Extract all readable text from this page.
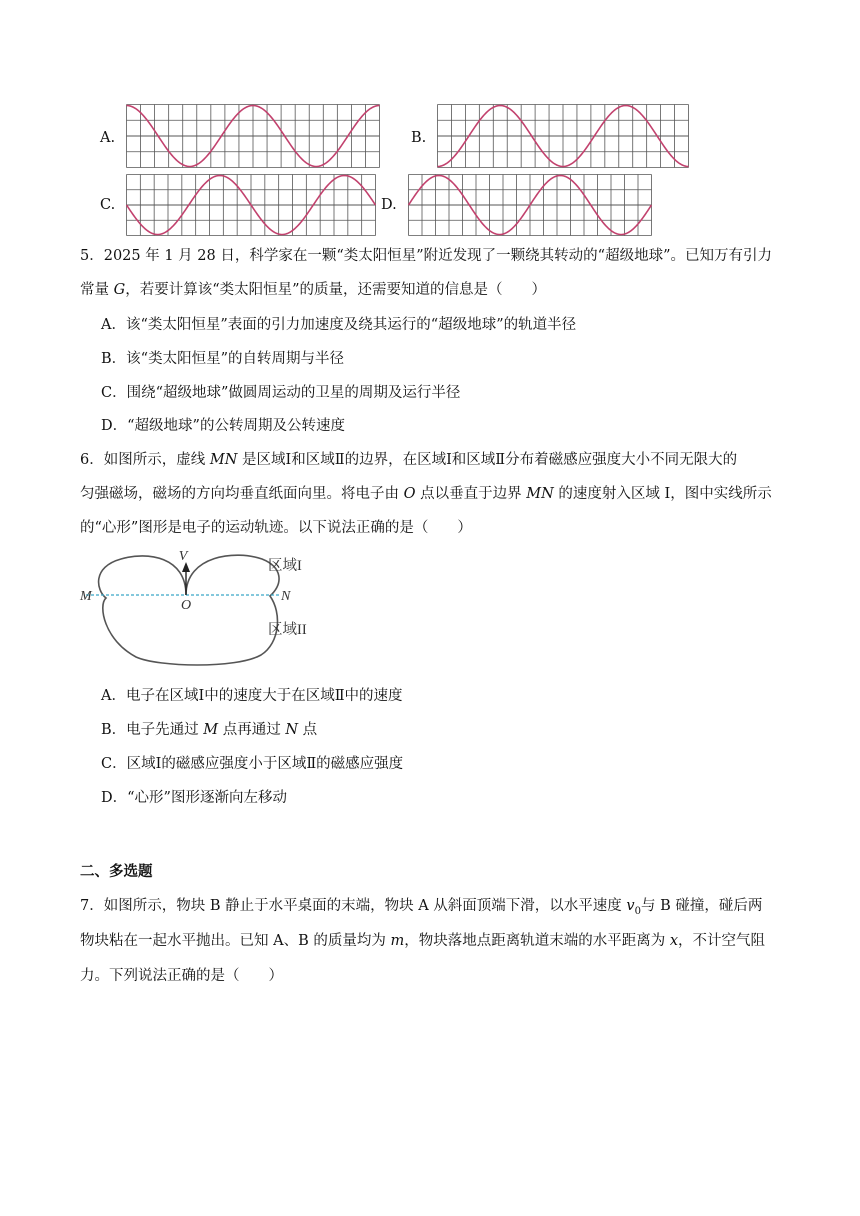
A.	B.
C.	D.
5．2025 年 1 月 28 日，科学家在一颗“类太阳恒星”附近发现了一颗绕其转动的“超级地球”。已知万有引力
常量 G，若要计算该“类太阳恒星”的质量，还需要知道的信息是（　　）
A．该“类太阳恒星”表面的引力加速度及绕其运行的“超级地球”的轨道半径
B．该“类太阳恒星”的自转周期与半径
C．围绕“超级地球”做圆周运动的卫星的周期及运行半径
D．“超级地球”的公转周期及公转速度
6．如图所示，虚线 MN 是区域Ⅰ和区域Ⅱ的边界，在区域Ⅰ和区域Ⅱ分布着磁感应强度大小不同无限大的
匀强磁场，磁场的方向均垂直纸面向里。将电子由 O 点以垂直于边界 MN 的速度射入区域 I，图中实线所示
的“心形”图形是电子的运动轨迹。以下说法正确的是（　　）
V
O
M	N
区域I
区域II
A．电子在区域Ⅰ中的速度大于在区域Ⅱ中的速度
B．电子先通过 M 点再通过 N 点
C．区域Ⅰ的磁感应强度小于区域Ⅱ的磁感应强度
D．“心形”图形逐渐向左移动
二、多选题
7．如图所示，物块 B 静止于水平桌面的末端，物块 A 从斜面顶端下滑，以水平速度 $v_0$与 B 碰撞，碰后两
物块粘在一起水平抛出。已知 A、B 的质量均为 m，物块落地点距离轨道末端的水平距离为 x，不计空气阻
力。下列说法正确的是（　　）
